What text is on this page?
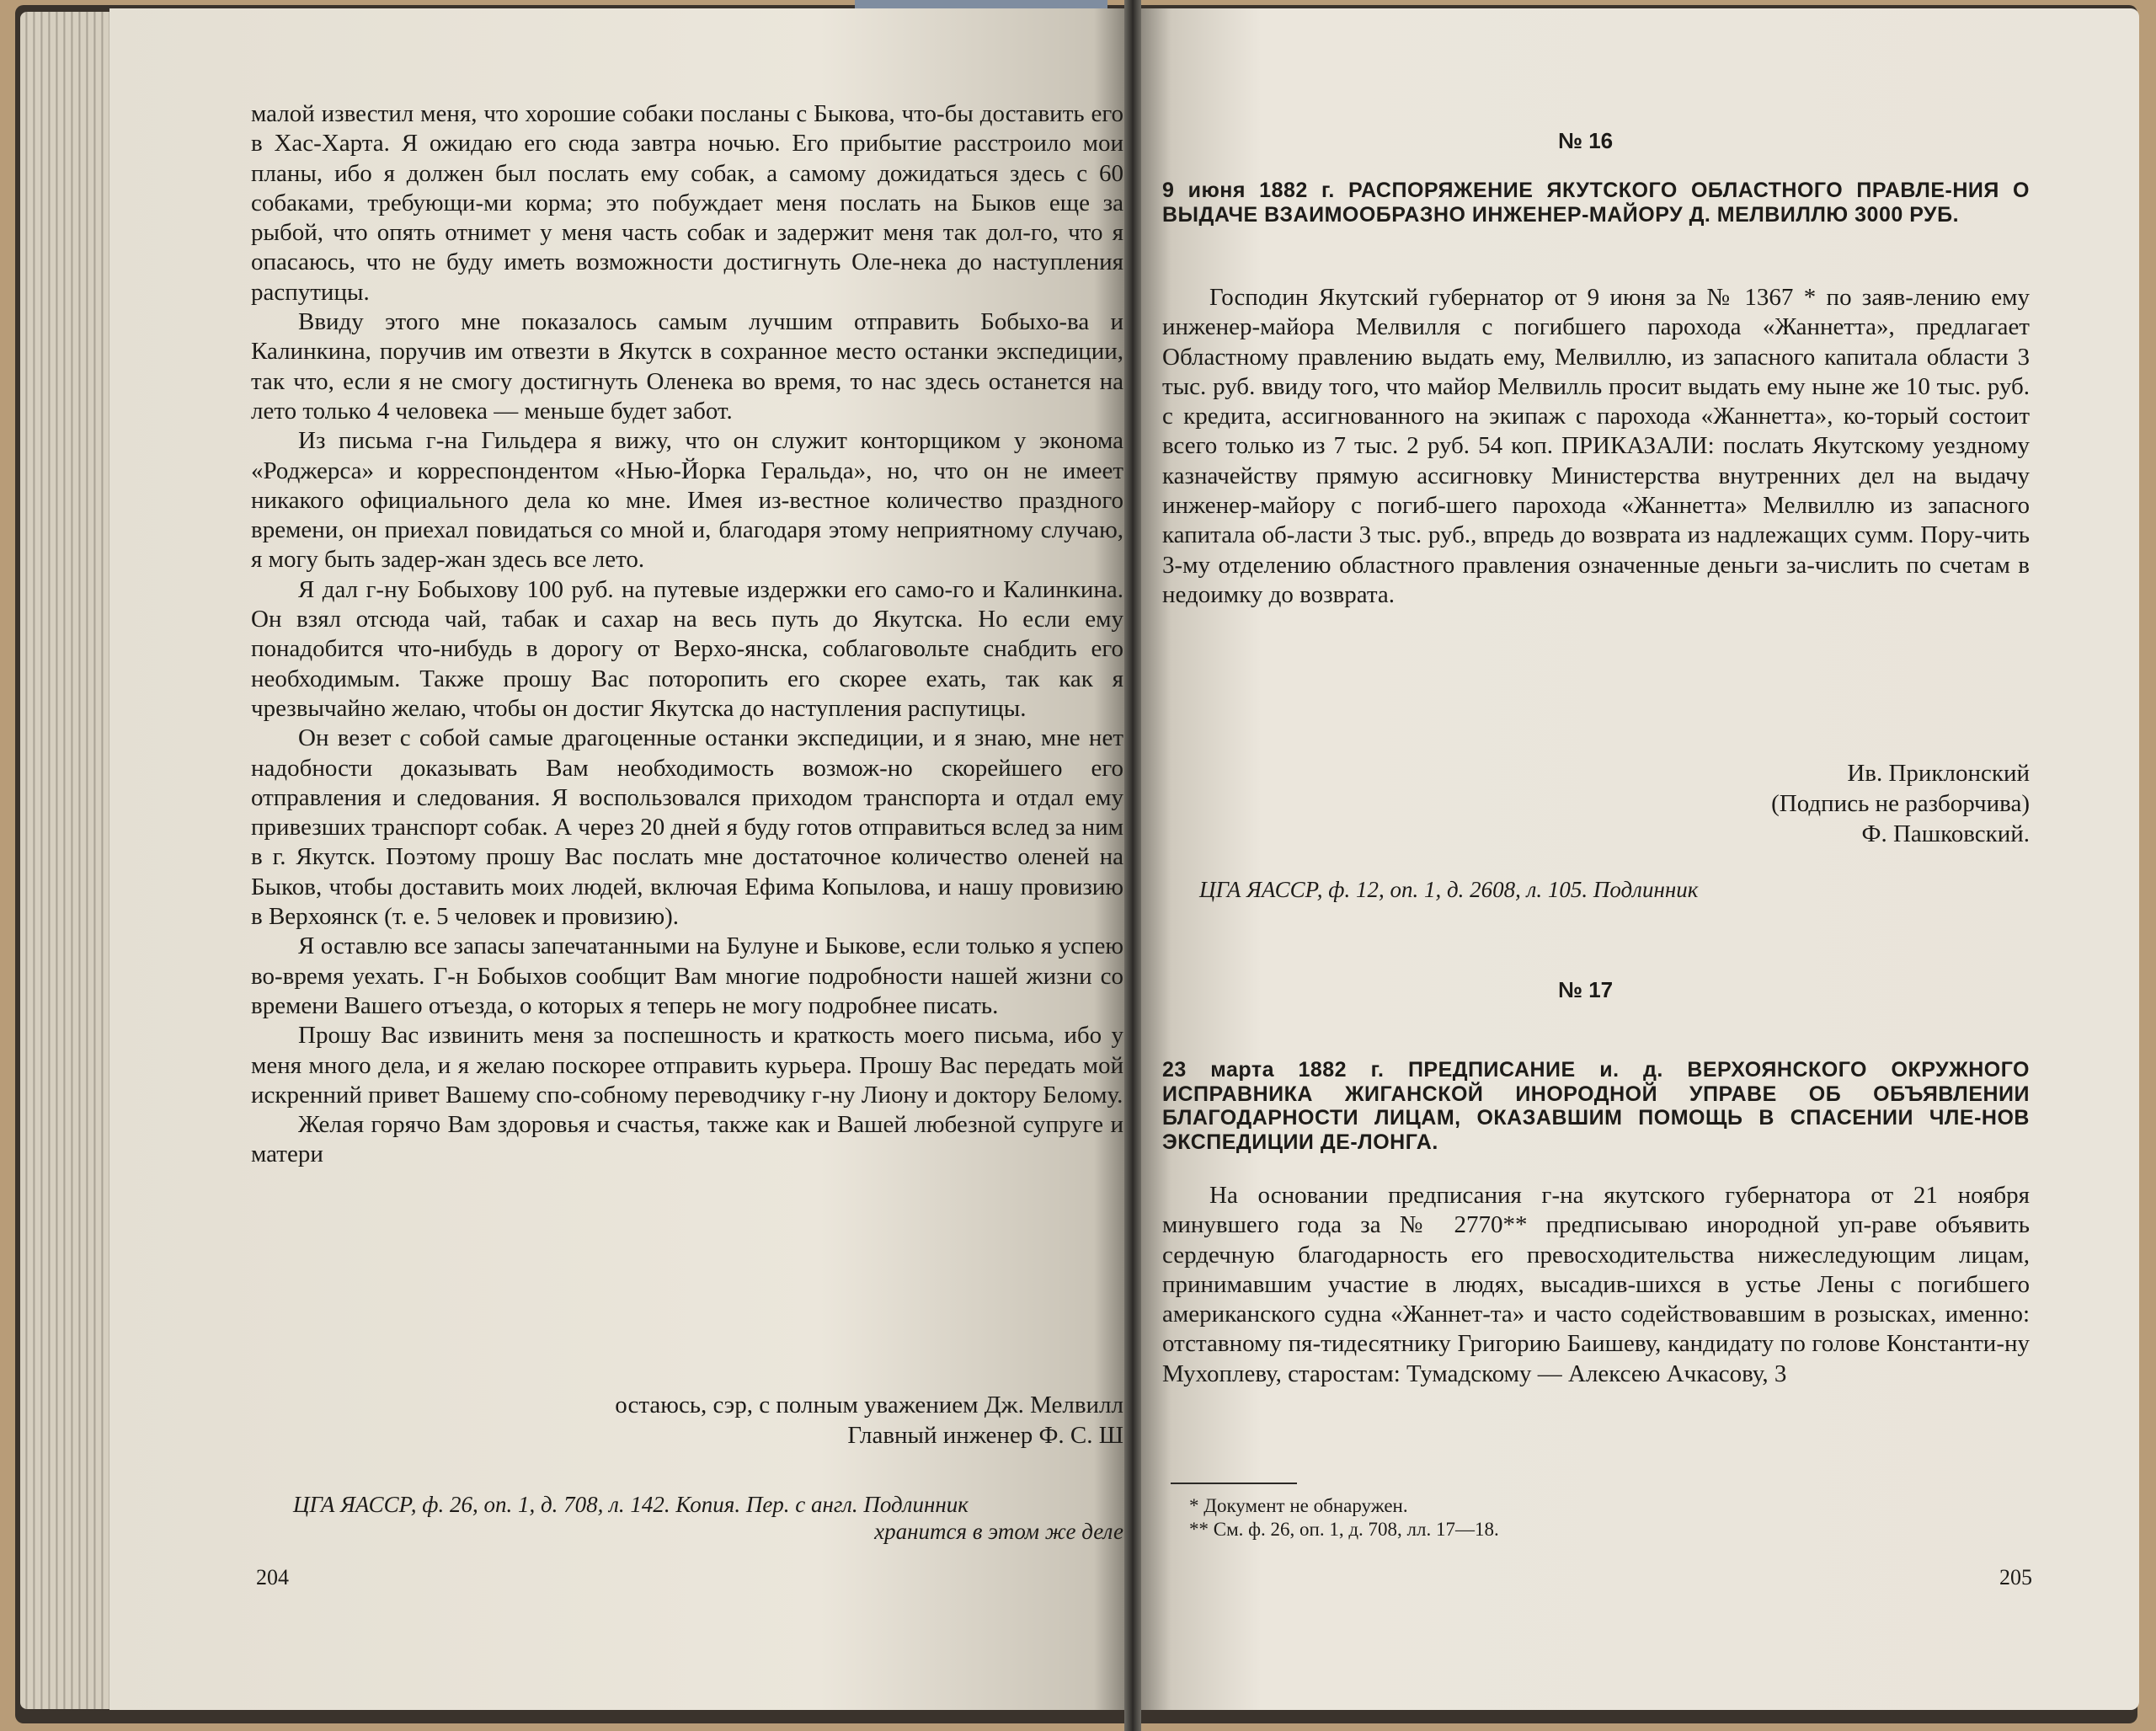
малой известил меня, что хорошие собаки посланы с Быкова, что-бы доставить его в Хас-Харта. Я ожидаю его сюда завтра ночью. Его прибытие расстроило мои планы, ибо я должен был послать ему собак, а самому дожидаться здесь с 60 собаками, требующи-ми корма; это побуждает меня послать на Быков еще за рыбой, что опять отнимет у меня часть собак и задержит меня так дол-го, что я опасаюсь, что не буду иметь возможности достигнуть Оле-нека до наступления распутицы.

Ввиду этого мне показалось самым лучшим отправить Бобыхо-ва и Калинкина, поручив им отвезти в Якутск в сохранное место останки экспедиции, так что, если я не смогу достигнуть Оленека во время, то нас здесь останется на лето только 4 человека — меньше будет забот.

Из письма г-на Гильдера я вижу, что он служит конторщиком у эконома «Роджерса» и корреспондентом «Нью-Йорка Геральда», но, что он не имеет никакого официального дела ко мне. Имея из-вестное количество праздного времени, он приехал повидаться со мной и, благодаря этому неприятному случаю, я могу быть задер-жан здесь все лето.

Я дал г-ну Бобыхову 100 руб. на путевые издержки его само-го и Калинкина. Он взял отсюда чай, табак и сахар на весь путь до Якутска. Но если ему понадобится что-нибудь в дорогу от Верхо-янска, соблаговольте снабдить его необходимым. Также прошу Вас поторопить его скорее ехать, так как я чрезвычайно желаю, чтобы он достиг Якутска до наступления распутицы.

Он везет с собой самые драгоценные останки экспедиции, и я знаю, мне нет надобности доказывать Вам необходимость возмож-но скорейшего его отправления и следования. Я воспользовался приходом транспорта и отдал ему привезших транспорт собак. А через 20 дней я буду готов отправиться вслед за ним в г. Якутск. Поэтому прошу Вас послать мне достаточное количество оленей на Быков, чтобы доставить моих людей, включая Ефима Копылова, и нашу провизию в Верхоянск (т. е. 5 человек и провизию).

Я оставлю все запасы запечатанными на Булуне и Быкове, если только я успею во-время уехать. Г-н Бобыхов сообщит Вам многие подробности нашей жизни со времени Вашего отъезда, о которых я теперь не могу подробнее писать.

Прошу Вас извинить меня за поспешность и краткость моего письма, ибо у меня много дела, и я желаю поскорее отправить курьера. Прошу Вас передать мой искренний привет Вашему спо-собному переводчику г-ну Лиону и доктору Белому.

Желая горячо Вам здоровья и счастья, также как и Вашей любезной супруге и матери

остаюсь, сэр, с полным уважением Дж. Мелвилл
Главный инженер Ф. С. Ш
ЦГА ЯАССР, ф. 26, оп. 1, д. 708, л. 142. Копия. Пер. с англ. Подлинник
хранится в этом же деле
204
№ 16
9 июня 1882 г. РАСПОРЯЖЕНИЕ ЯКУТСКОГО ОБЛАСТНОГО ПРАВЛЕ-НИЯ О ВЫДАЧЕ ВЗАИМООБРАЗНО ИНЖЕНЕР-МАЙОРУ Д. МЕЛВИЛЛЮ 3000 РУБ.

Господин Якутский губернатор от 9 июня за № 1367 * по заяв-лению ему инженер-майора Мелвилля с погибшего парохода «Жаннетта», предлагает Областному правлению выдать ему, Мелвиллю, из запасного капитала области 3 тыс. руб. ввиду того, что майор Мелвилль просит выдать ему ныне же 10 тыс. руб. с кредита, ассигнованного на экипаж с парохода «Жаннетта», ко-торый состоит всего только из 7 тыс. 2 руб. 54 коп. ПРИКАЗАЛИ: послать Якутскому уездному казначейству прямую ассигновку Министерства внутренних дел на выдачу инженер-майору с погиб-шего парохода «Жаннетта» Мелвиллю из запасного капитала об-ласти 3 тыс. руб., впредь до возврата из надлежащих сумм. Пору-чить 3-му отделению областного правления означенные деньги за-числить по счетам в недоимку до возврата.

Ив. Приклонский
(Подпись не разборчива)
Ф. Пашковский.
ЦГА ЯАССР, ф. 12, оп. 1, д. 2608, л. 105. Подлинник
№ 17
23 марта 1882 г. ПРЕДПИСАНИЕ и. д. ВЕРХОЯНСКОГО ОКРУЖНОГО ИСПРАВНИКА ЖИГАНСКОЙ ИНОРОДНОЙ УПРАВЕ ОБ ОБЪЯВЛЕНИИ БЛАГОДАРНОСТИ ЛИЦАМ, ОКАЗАВШИМ ПОМОЩЬ В СПАСЕНИИ ЧЛЕ-НОВ ЭКСПЕДИЦИИ ДЕ-ЛОНГА.

На основании предписания г-на якутского губернатора от 21 ноября минувшего года за № 2770** предписываю инородной уп-раве объявить сердечную благодарность его превосходительства нижеследующим лицам, принимавшим участие в людях, высадив-шихся в устье Лены с погибшего американского судна «Жаннет-та» и часто содействовавшим в розысках, именно: отставному пя-тидесятнику Григорию Баишеву, кандидату по голове Константи-ну Мухоплеву, старостам: Тумадскому — Алексею Ачкасову, 3

* Документ не обнаружен.
** См. ф. 26, оп. 1, д. 708, лл. 17—18.
205
